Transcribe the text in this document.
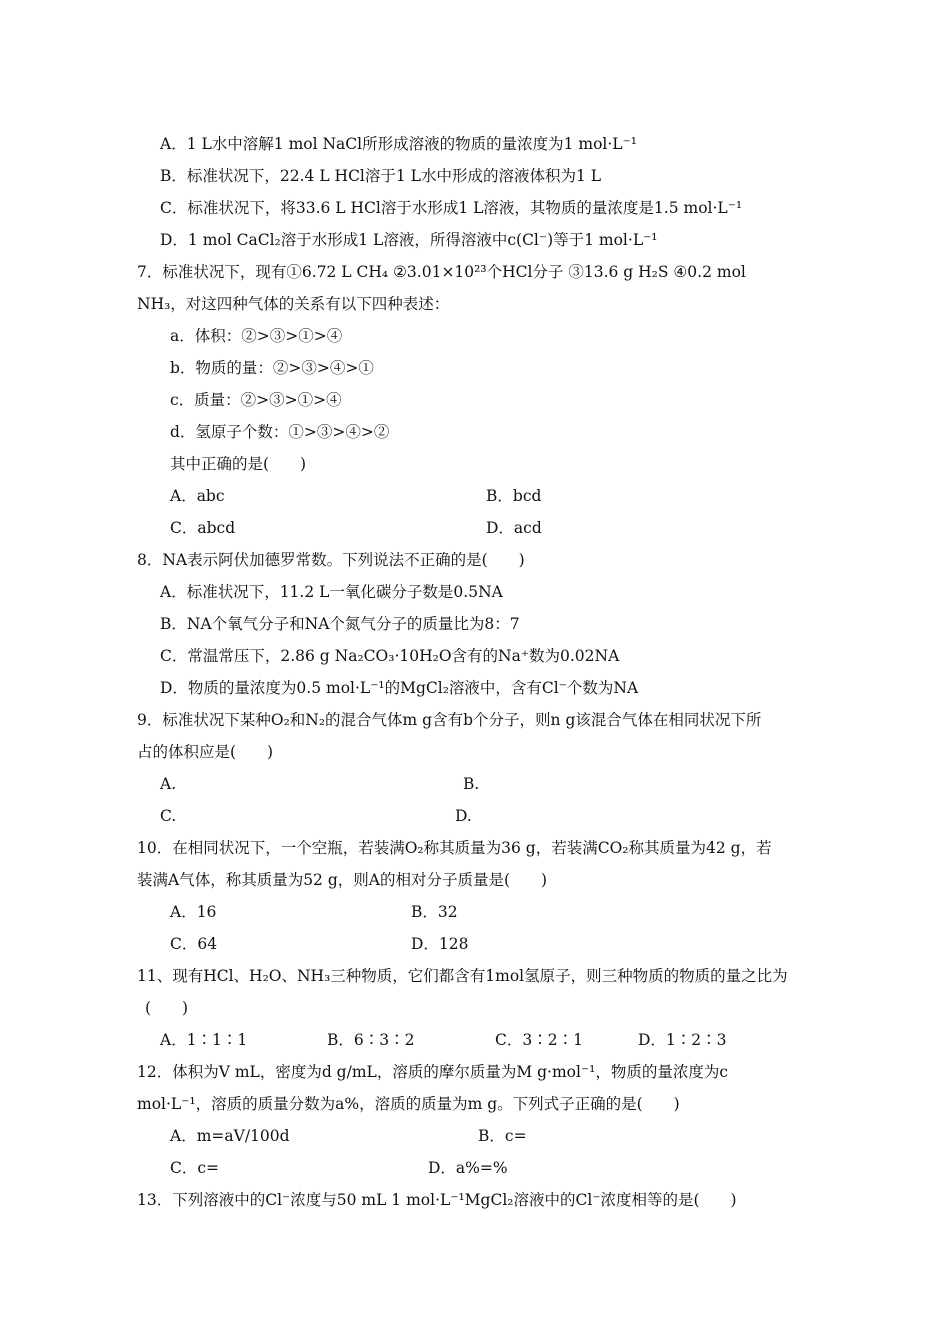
A．1 L水中溶解1 mol NaCl所形成溶液的物质的量浓度为1 mol·L⁻¹
B．标准状况下，22.4 L HCl溶于1 L水中形成的溶液体积为1 L
C．标准状况下，将33.6 L HCl溶于水形成1 L溶液，其物质的量浓度是1.5 mol·L⁻¹
D．1 mol CaCl₂溶于水形成1 L溶液，所得溶液中c(Cl⁻)等于1 mol·L⁻¹
7．标准状况下，现有①6.72 L CH₄ ②3.01×10²³个HCl分子 ③13.6 g H₂S ④0.2 mol
NH₃，对这四种气体的关系有以下四种表述：
a．体积：②>③>①>④
b．物质的量：②>③>④>①
c．质量：②>③>①>④
d．氢原子个数：①>③>④>②
其中正确的是(　　)
A．abc	B．bcd
C．abcd	D．acd
8．NA表示阿伏加德罗常数。下列说法不正确的是(　　)
A．标准状况下，11.2 L一氧化碳分子数是0.5NA
B．NA个氧气分子和NA个氮气分子的质量比为8：7
C．常温常压下，2.86 g Na₂CO₃·10H₂O含有的Na⁺数为0.02NA
D．物质的量浓度为0.5 mol·L⁻¹的MgCl₂溶液中，含有Cl⁻个数为NA
9．标准状况下某种O₂和N₂的混合气体m g含有b个分子，则n g该混合气体在相同状况下所
占的体积应是(　　)
A.	B.
C.	D.
10．在相同状况下，一个空瓶，若装满O₂称其质量为36 g，若装满CO₂称其质量为42 g，若
装满A气体，称其质量为52 g，则A的相对分子质量是(　　)
A．16	B．32
C．64	D．128
11、现有HCl、H₂O、NH₃三种物质，它们都含有1mol氢原子，则三种物质的物质的量之比为
(　　)
A．1∶1∶1	B．6∶3∶2	C．3∶2∶1	D．1∶2∶3
12．体积为V mL，密度为d g/mL，溶质的摩尔质量为M g·mol⁻¹，物质的量浓度为c
mol·L⁻¹，溶质的质量分数为a%，溶质的质量为m g。下列式子正确的是(　　)
A．m=aV/100d	B．c=
C．c=	D．a%=%
13．下列溶液中的Cl⁻浓度与50 mL 1 mol·L⁻¹MgCl₂溶液中的Cl⁻浓度相等的是(　　)
